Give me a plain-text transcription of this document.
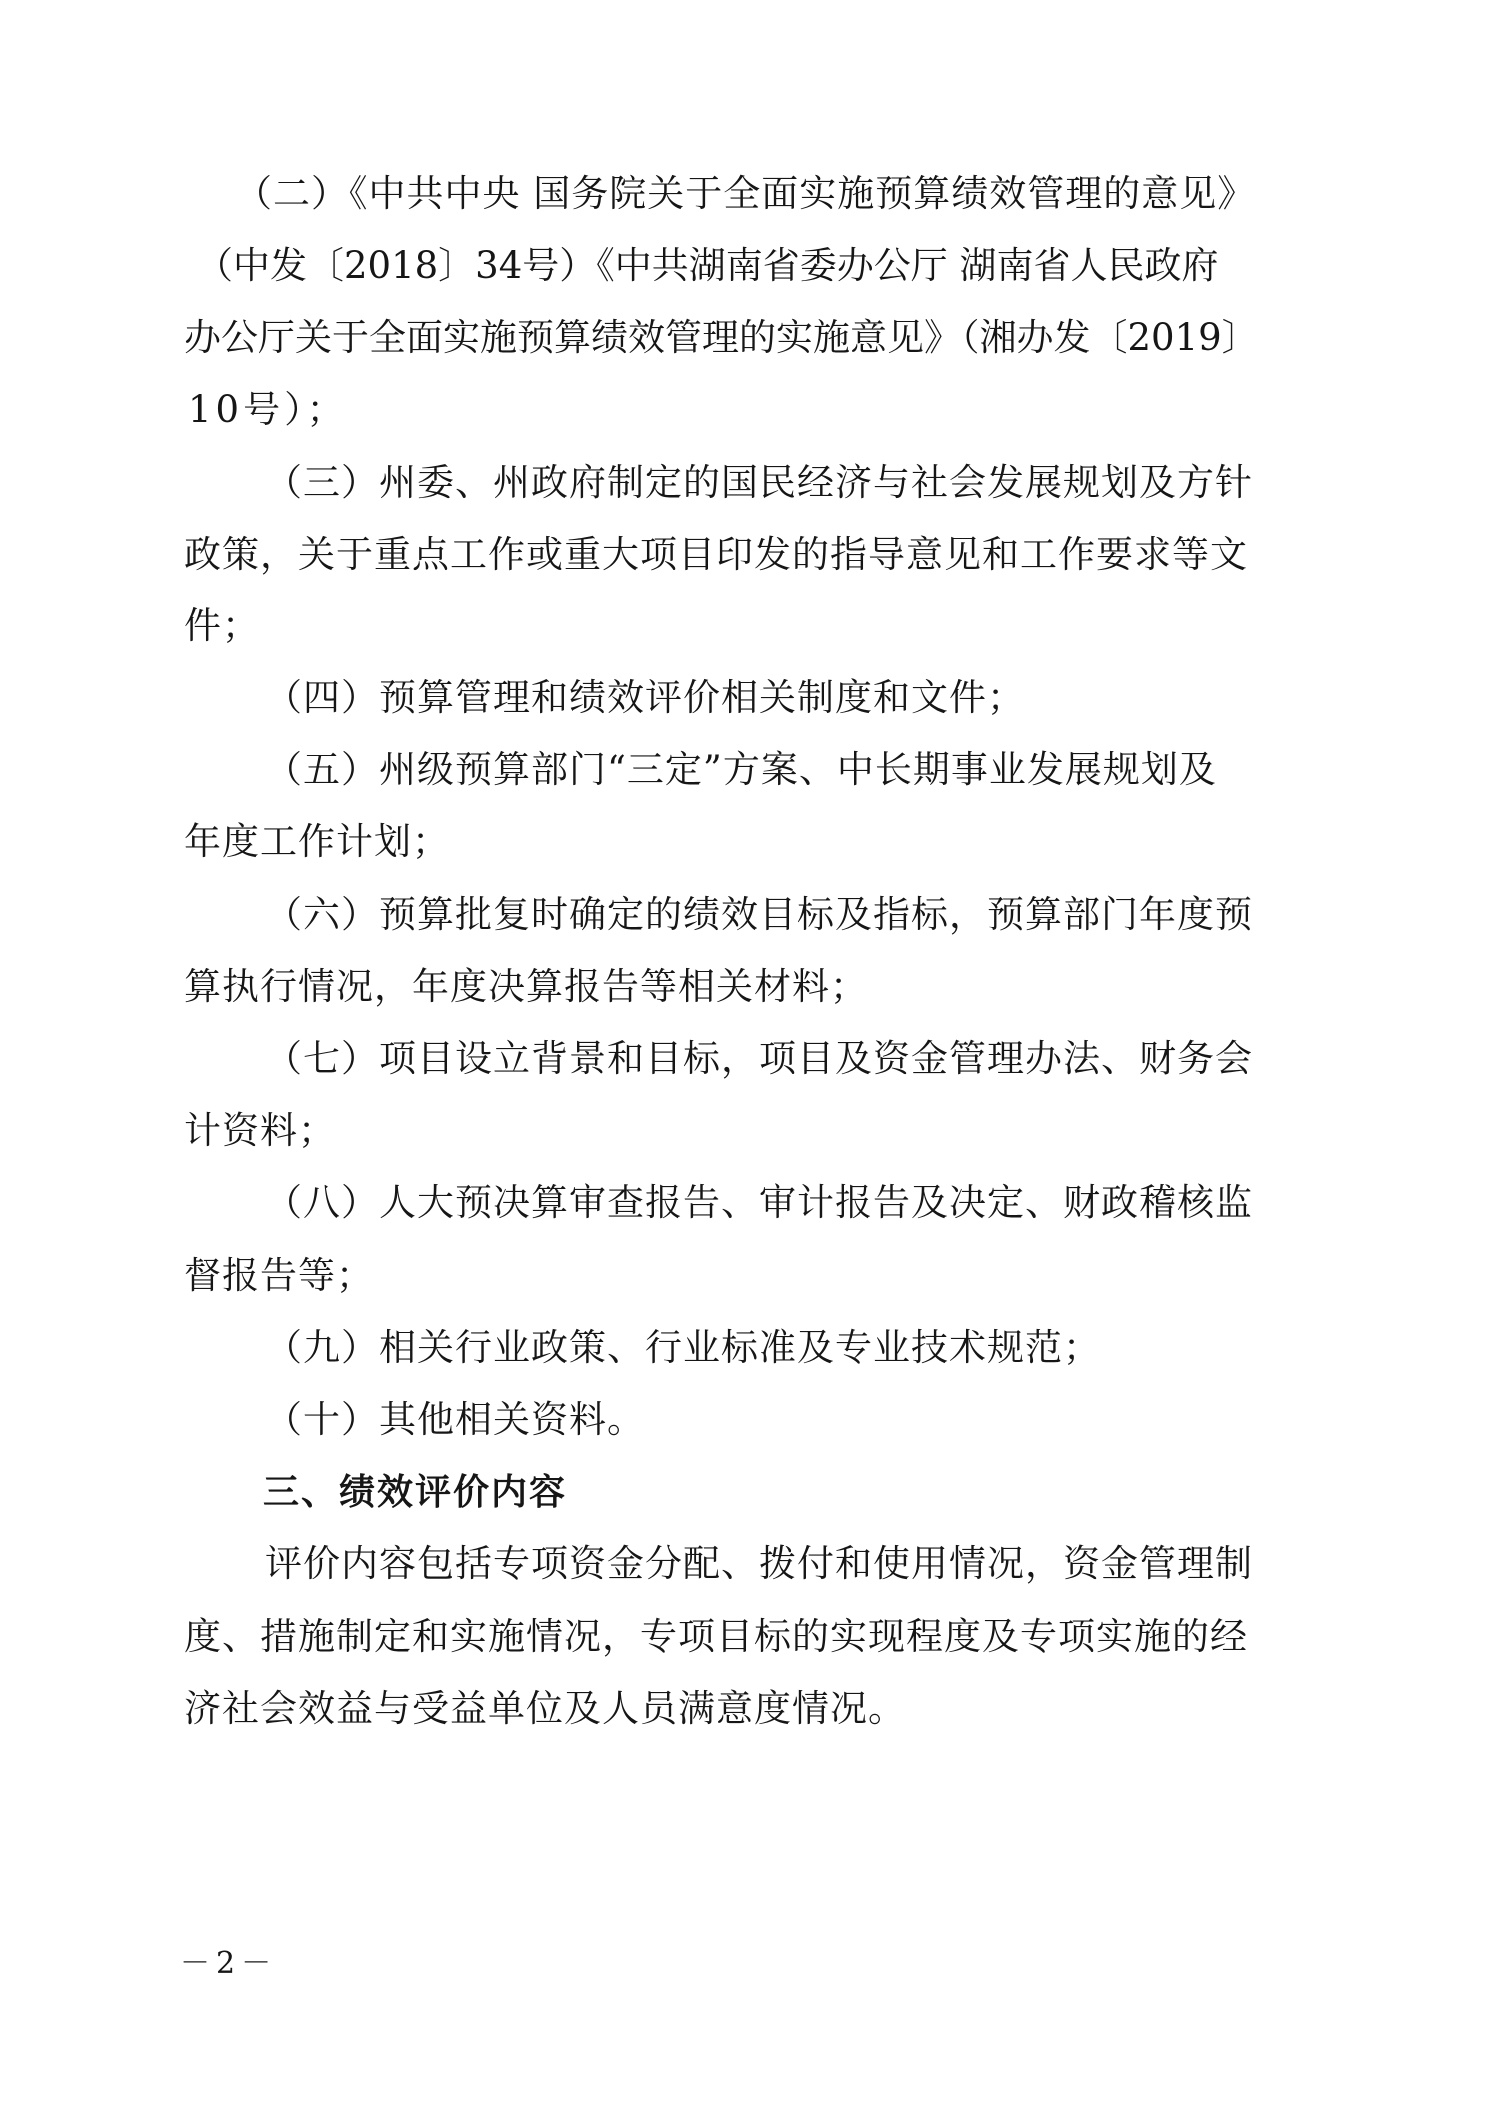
（二）《中共中央 国务院关于全面实施预算绩效管理的意见》
（中发〔2018〕34号）《中共湖南省委办公厅 湖南省人民政府
办公厅关于全面实施预算绩效管理的实施意见》（湘办发〔2019〕
10号）；
（三）州委、州政府制定的国民经济与社会发展规划及方针
政策，关于重点工作或重大项目印发的指导意见和工作要求等文
件；
（四）预算管理和绩效评价相关制度和文件；
（五）州级预算部门“三定”方案、中长期事业发展规划及
年度工作计划；
（六）预算批复时确定的绩效目标及指标，预算部门年度预
算执行情况，年度决算报告等相关材料；
（七）项目设立背景和目标，项目及资金管理办法、财务会
计资料；
（八）人大预决算审查报告、审计报告及决定、财政稽核监
督报告等；
（九）相关行业政策、行业标准及专业技术规范；
（十）其他相关资料。
三、绩效评价内容
评价内容包括专项资金分配、拨付和使用情况，资金管理制
度、措施制定和实施情况，专项目标的实现程度及专项实施的经
济社会效益与受益单位及人员满意度情况。
－2－
